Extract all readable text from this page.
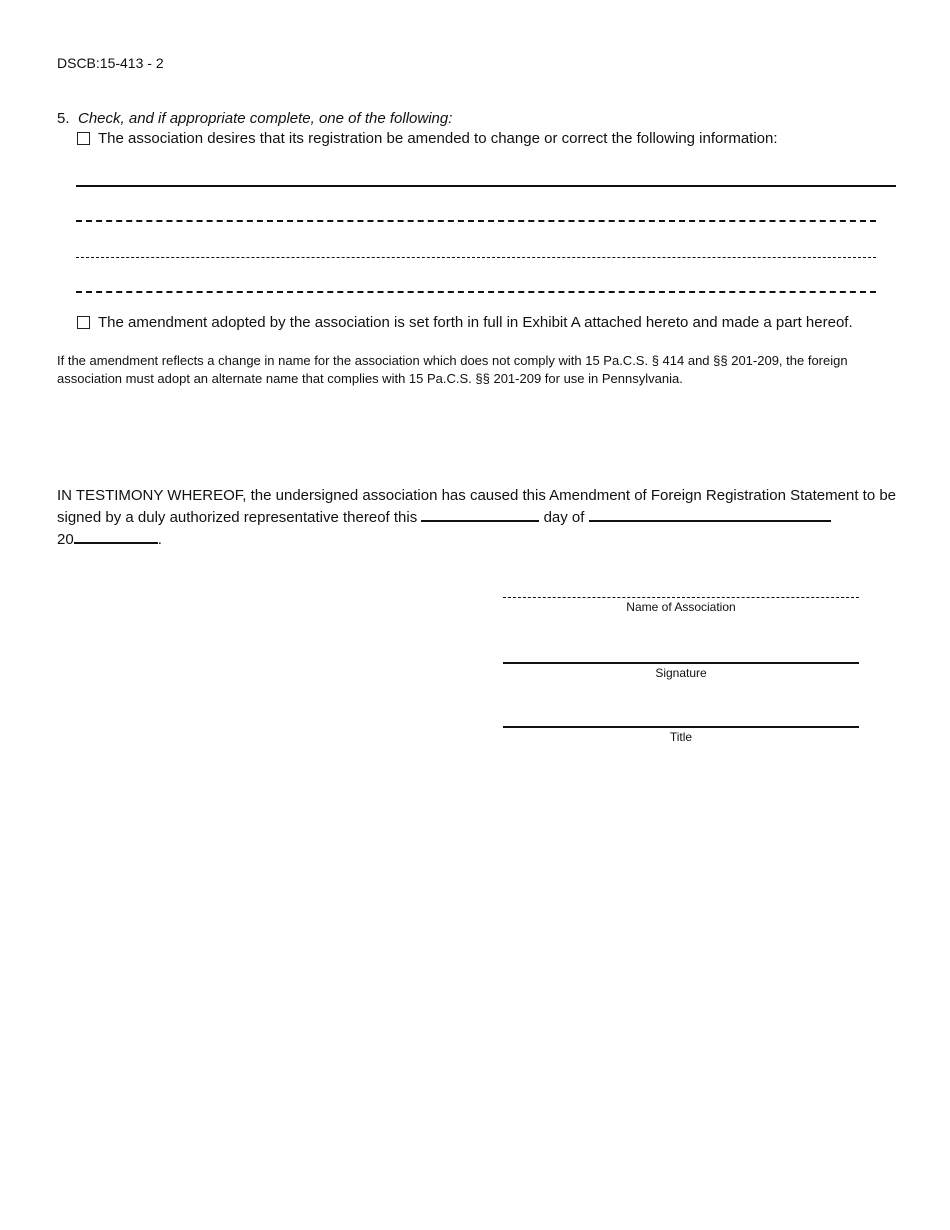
DSCB:15-413 - 2
5. Check, and if appropriate complete, one of the following:
The association desires that its registration be amended to change or correct the following information:
The amendment adopted by the association is set forth in full in Exhibit A attached hereto and made a part hereof.
If the amendment reflects a change in name for the association which does not comply with 15 Pa.C.S. § 414 and §§ 201-209, the foreign association must adopt an alternate name that complies with 15 Pa.C.S. §§ 201-209 for use in Pennsylvania.
IN TESTIMONY WHEREOF, the undersigned association has caused this Amendment of Foreign Registration Statement to be signed by a duly authorized representative thereof this	day of
20	.
Name of Association
Signature
Title
